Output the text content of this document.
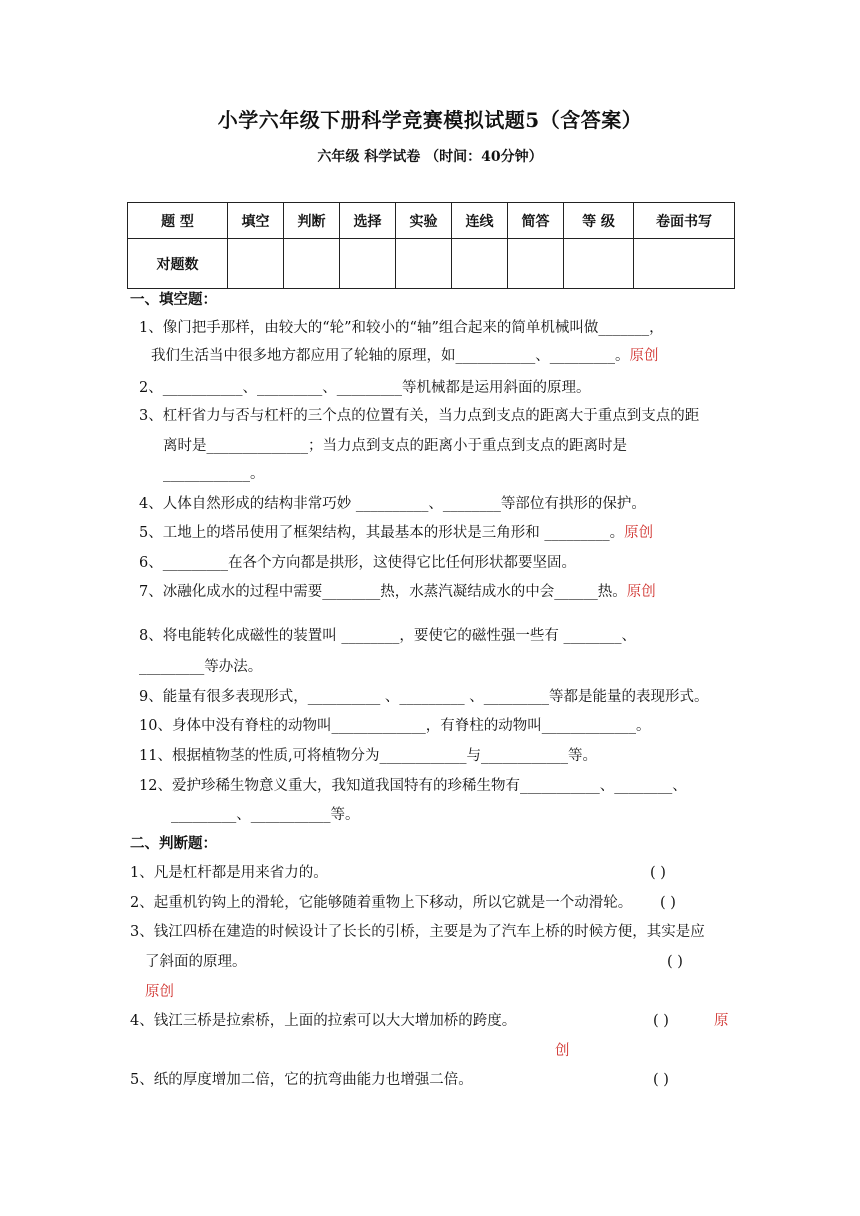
小学六年级下册科学竞赛模拟试题5（含答案）
六年级 科学试卷 （时间：40分钟）
题 型	填空	判断	选择	实验	连线	简答	等 级	卷面书写
对题数								
一、填空题：
1、像门把手那样，由较大的“轮”和较小的“轴”组合起来的简单机械叫做_______，
我们生活当中很多地方都应用了轮轴的原理，如___________、_________。原创
2、___________、_________、_________等机械都是运用斜面的原理。
3、杠杆省力与否与杠杆的三个点的位置有关，当力点到支点的距离大于重点到支点的距
离时是______________；当力点到支点的距离小于重点到支点的距离时是
____________。
4、人体自然形成的结构非常巧妙 __________、________等部位有拱形的保护。
5、工地上的塔吊使用了框架结构，其最基本的形状是三角形和 _________。原创
6、_________在各个方向都是拱形，这使得它比任何形状都要坚固。
7、冰融化成水的过程中需要________热，水蒸汽凝结成水的中会______热。原创
8、将电能转化成磁性的装置叫 ________，要使它的磁性强一些有 ________、
_________等办法。
9、能量有很多表现形式，__________ 、_________ 、_________等都是能量的表现形式。
10、身体中没有脊柱的动物叫_____________，有脊柱的动物叫_____________。
11、根据植物茎的性质,可将植物分为____________与____________等。
12、爱护珍稀生物意义重大，我知道我国特有的珍稀生物有___________、________、
_________、___________等。
二、判断题：
1、凡是杠杆都是用来省力的。	( )
2、起重机钓钩上的滑轮，它能够随着重物上下移动，所以它就是一个动滑轮。 ( )
3、钱江四桥在建造的时候设计了长长的引桥，主要是为了汽车上桥的时候方便，其实是应
了斜面的原理。	( )
原创
4、钱江三桥是拉索桥，上面的拉索可以大大增加桥的跨度。	( )	原
创
5、纸的厚度增加二倍，它的抗弯曲能力也增强二倍。	( )
